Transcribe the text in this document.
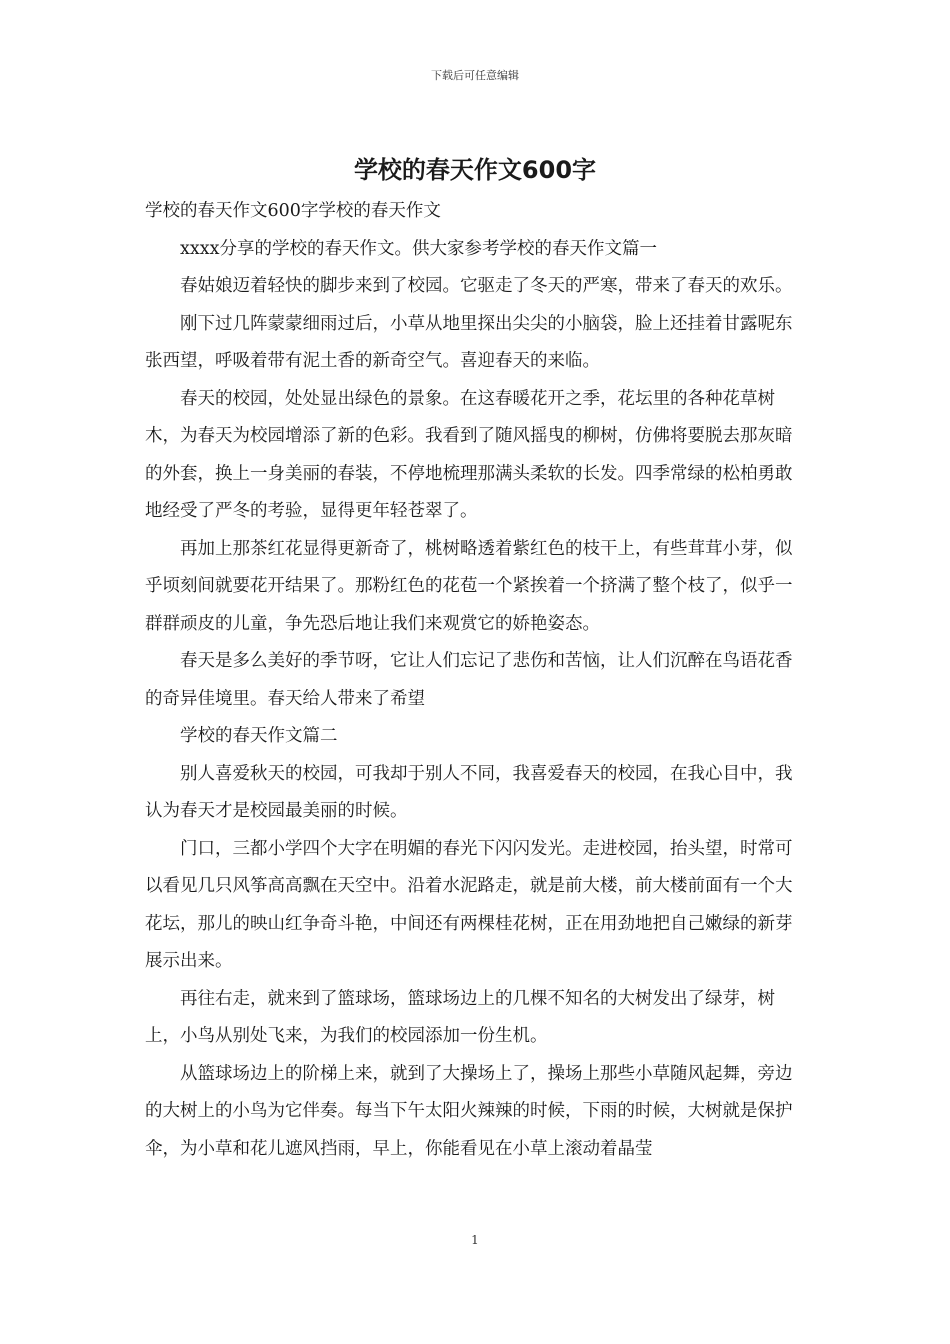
下载后可任意编辑
学校的春天作文600字

学校的春天作文600字学校的春天作文

xxxx分享的学校的春天作文。供大家参考学校的春天作文篇一

春姑娘迈着轻快的脚步来到了校园。它驱走了冬天的严寒，带来了春天的欢乐。

刚下过几阵蒙蒙细雨过后，小草从地里探出尖尖的小脑袋，脸上还挂着甘露呢东张西望，呼吸着带有泥土香的新奇空气。喜迎春天的来临。

春天的校园，处处显出绿色的景象。在这春暖花开之季，花坛里的各种花草树木，为春天为校园增添了新的色彩。我看到了随风摇曳的柳树，仿佛将要脱去那灰暗的外套，换上一身美丽的春装，不停地梳理那满头柔软的长发。四季常绿的松柏勇敢地经受了严冬的考验，显得更年轻苍翠了。

再加上那茶红花显得更新奇了，桃树略透着紫红色的枝干上，有些茸茸小芽，似乎顷刻间就要花开结果了。那粉红色的花苞一个紧挨着一个挤满了整个枝了，似乎一群群顽皮的儿童，争先恐后地让我们来观赏它的娇艳姿态。

春天是多么美好的季节呀，它让人们忘记了悲伤和苦恼，让人们沉醉在鸟语花香的奇异佳境里。春天给人带来了希望

学校的春天作文篇二

别人喜爱秋天的校园，可我却于别人不同，我喜爱春天的校园，在我心目中，我认为春天才是校园最美丽的时候。

门口，三都小学四个大字在明媚的春光下闪闪发光。走进校园，抬头望，时常可以看见几只风筝高高飘在天空中。沿着水泥路走，就是前大楼，前大楼前面有一个大花坛，那儿的映山红争奇斗艳，中间还有两棵桂花树，正在用劲地把自己嫩绿的新芽展示出来。

再往右走，就来到了篮球场，篮球场边上的几棵不知名的大树发出了绿芽，树上，小鸟从别处飞来，为我们的校园添加一份生机。

从篮球场边上的阶梯上来，就到了大操场上了，操场上那些小草随风起舞，旁边的大树上的小鸟为它伴奏。每当下午太阳火辣辣的时候，下雨的时候，大树就是保护伞，为小草和花儿遮风挡雨，早上，你能看见在小草上滚动着晶莹

1
